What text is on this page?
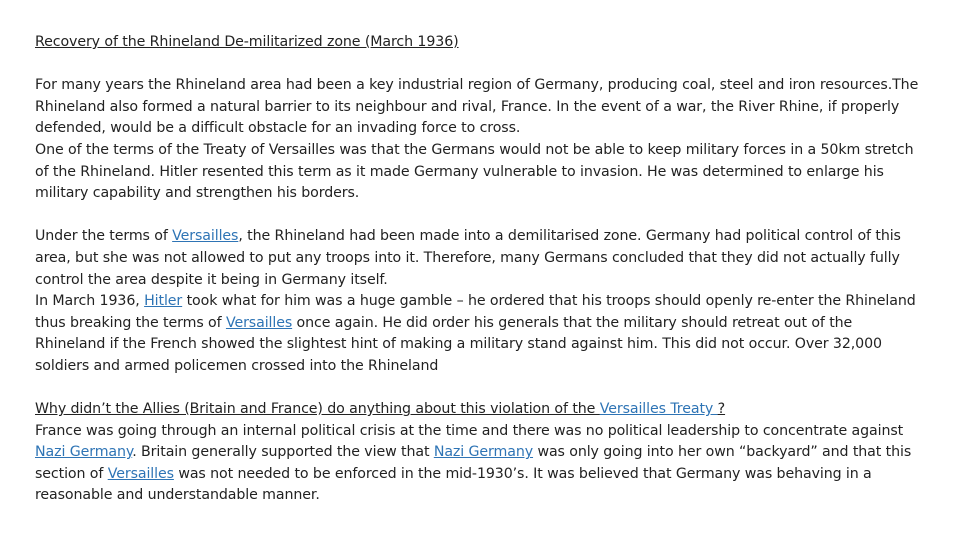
Recovery of the Rhineland De-militarized zone (March 1936)

For many years the Rhineland area had been a key industrial region of Germany, producing coal, steel and iron resources.The Rhineland also formed a natural barrier to its neighbour and rival, France. In the event of a war, the River Rhine, if properly defended, would be a difficult obstacle for an invading force to cross.

One of the terms of the Treaty of Versailles was that the Germans would not be able to keep military forces in a 50km stretch of the Rhineland. Hitler resented this term as it made Germany vulnerable to invasion. He was determined to enlarge his military capability and strengthen his borders.

Under the terms of Versailles, the Rhineland had been made into a demilitarised zone. Germany had political control of this area, but she was not allowed to put any troops into it. Therefore, many Germans concluded that they did not actually fully control the area despite it being in Germany itself.

In March 1936, Hitler took what for him was a huge gamble – he ordered that his troops should openly re-enter the Rhineland thus breaking the terms of Versailles once again. He did order his generals that the military should retreat out of the Rhineland if the French showed the slightest hint of making a military stand against him. This did not occur. Over 32,000 soldiers and armed policemen crossed into the Rhineland

Why didn’t the Allies (Britain and France) do anything about this violation of the Versailles Treaty ?

France was going through an internal political crisis at the time and there was no political leadership to concentrate against Nazi Germany. Britain generally supported the view that Nazi Germany was only going into her own “backyard” and that this section of Versailles was not needed to be enforced in the mid-1930’s. It was believed that Germany was behaving in a reasonable and understandable manner.
